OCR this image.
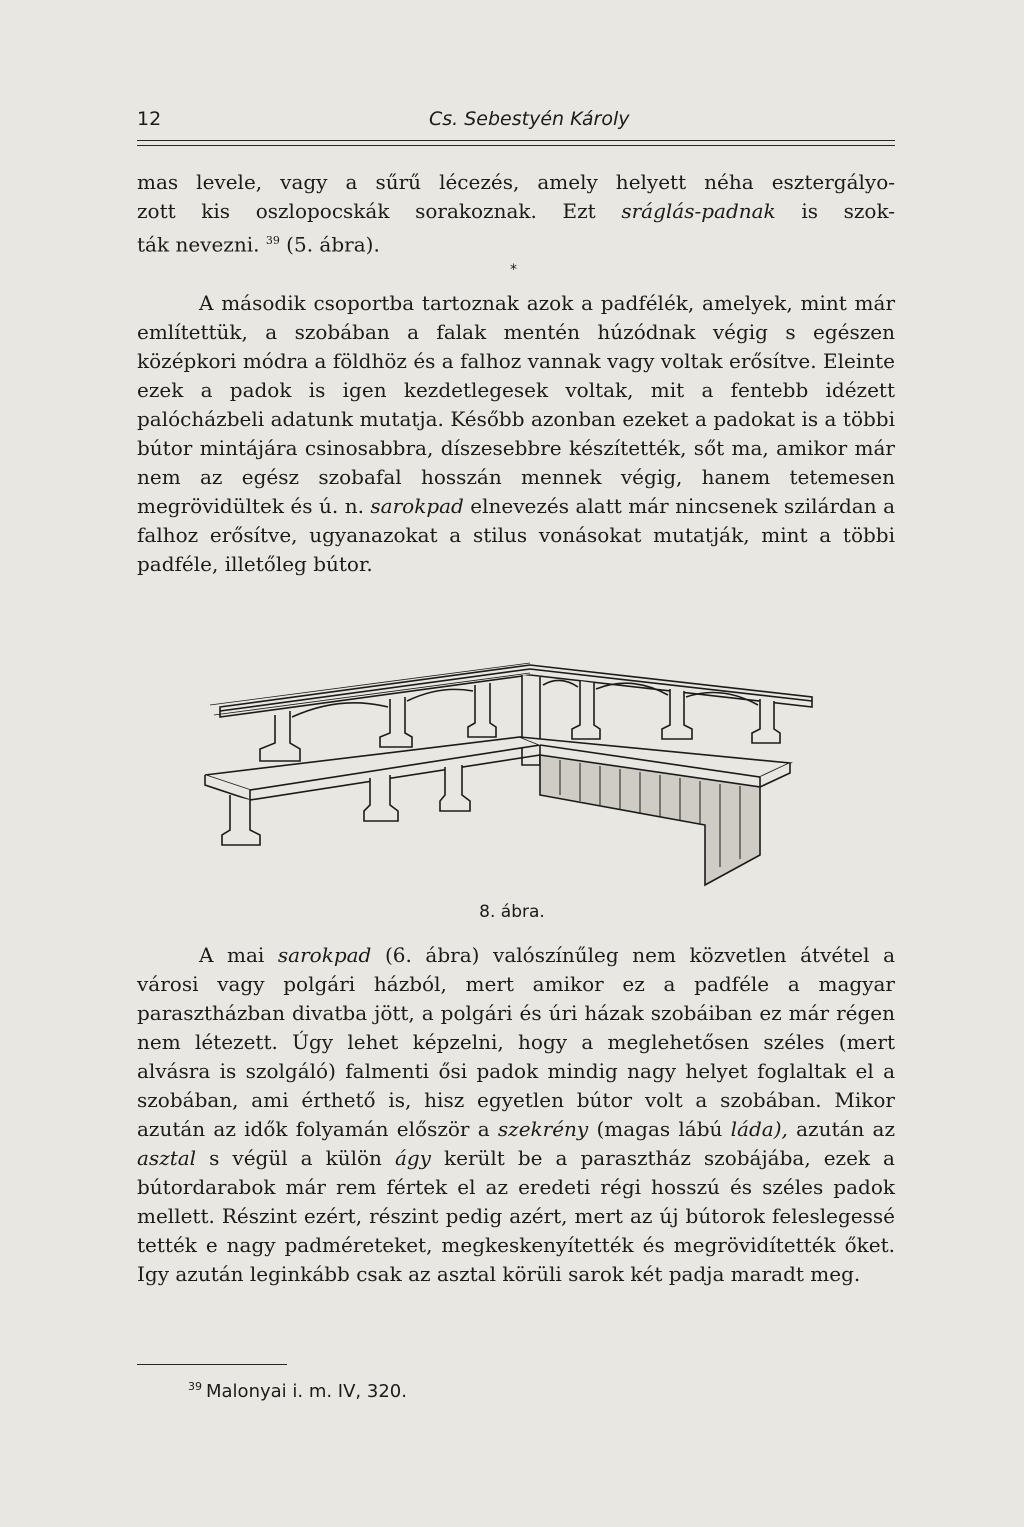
12	Cs. Sebestyén Károly

mas levele, vagy a sűrű lécezés, amely helyett néha esztergályo-

zott kis oszlopocskák sorakoznak. Ezt sráglás-padnak is szok-

ták nevezni. $^{39}$ (5. ábra).

*

A második csoportba tartoznak azok a padfélék, amelyek, mint már említettük, a szobában a falak mentén húzódnak végig s egészen középkori módra a földhöz és a falhoz vannak vagy voltak erősítve. Eleinte ezek a padok is igen kezdetlegesek voltak, mit a fentebb idézett palócházbeli adatunk mutatja. Később azonban ezeket a padokat is a többi bútor mintájára csinosabbra, díszesebbre készítették, sőt ma, amikor már nem az egész szobafal hosszán mennek végig, hanem tetemesen megrövidültek és ú. n. sarokpad elnevezés alatt már nincsenek szilárdan a falhoz erősítve, ugyanazokat a stilus vonásokat mutatják, mint a többi padféle, illetőleg bútor.

8. ábra.

A mai sarokpad (6. ábra) valószínűleg nem közvetlen átvétel a városi vagy polgári házból, mert amikor ez a padféle a magyar parasztházban divatba jött, a polgári és úri házak szobáiban ez már régen nem létezett. Úgy lehet képzelni, hogy a meglehetősen széles (mert alvásra is szolgáló) falmenti ősi padok mindig nagy helyet foglaltak el a szobában, ami érthető is, hisz egyetlen bútor volt a szobában. Mikor azután az idők folyamán először a szekrény (magas lábú láda), azután az asztal s végül a külön ágy került be a parasztház szobájába, ezek a bútordarabok már rem fértek el az eredeti régi hosszú és széles padok mellett. Részint ezért, részint pedig azért, mert az új bútorok feleslegessé tették e nagy padméreteket, megkeskenyítették és megrövidítették őket. Igy azután leginkább csak az asztal körüli sarok két padja maradt meg.

$^{39}$ Malonyai i. m. IV, 320.
